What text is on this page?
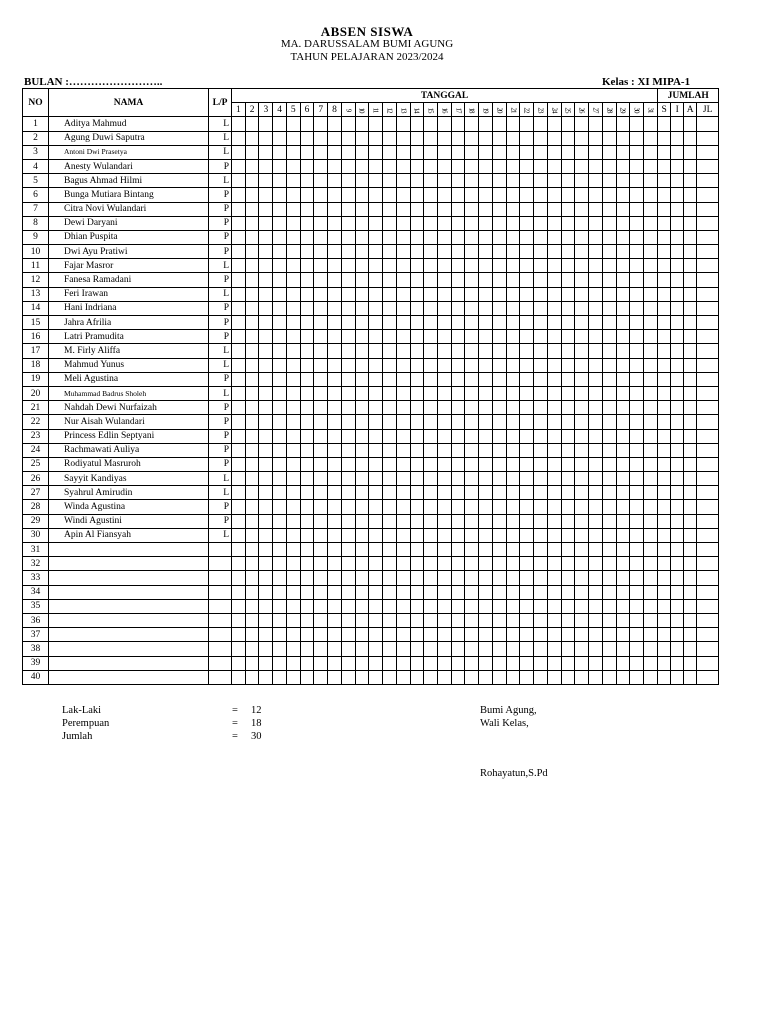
ABSEN SISWA
MA. DARUSSALAM BUMI AGUNG
TAHUN PELAJARAN 2023/2024
BULAN :……………………..	Kelas : XI MIPA-1
NO	NAMA	L/P	TANGGAL																															JUMLAH			
			1	2	3	4	5	6	7	8	9	10	11	12	13	14	15	16	17	18	19	20	21	22	23	24	25	26	27	28	29	30	31	S	I	A	JL
1	Aditya Mahmud	L																																			
2	Agung Duwi Saputra	L																																			
3	Antoni Dwi Prasetya	L																																			
4	Anesty Wulandari	P																																			
5	Bagus Ahmad Hilmi	L																																			
6	Bunga Mutiara Bintang	P																																			
7	Citra Novi Wulandari	P																																			
8	Dewi Daryani	P																																			
9	Dhian Puspita	P																																			
10	Dwi Ayu Pratiwi	P																																			
11	Fajar Masror	L																																			
12	Fanesa Ramadani	P																																			
13	Feri Irawan	L																																			
14	Hani Indriana	P																																			
15	Jahra Afrilia	P																																			
16	Latri Pramudita	P																																			
17	M. Firly Aliffa	L																																			
18	Mahmud Yunus	L																																			
19	Meli Agustina	P																																			
20	Muhammad Badrus Sholeh	L																																			
21	Nahdah Dewi Nurfaizah	P																																			
22	Nur Aisah Wulandari	P																																			
23	Princess Edlin Septyani	P																																			
24	Rachmawati Auliya	P																																			
25	Rodiyatul Masruroh	P																																			
26	Sayyit Kandiyas	L																																			
27	Syahrul Amirudin	L																																			
28	Winda Agustina	P																																			
29	Windi Agustini	P																																			
30	Apin Al Fiansyah	L																																			
31																																					
32																																					
33																																					
34																																					
35																																					
36																																					
37																																					
38																																					
39																																					
40																																					
Lak-Laki	=	12
Perempuan	=	18
Jumlah	=	30
Bumi Agung,
Wali Kelas,
Rohayatun,S.Pd
